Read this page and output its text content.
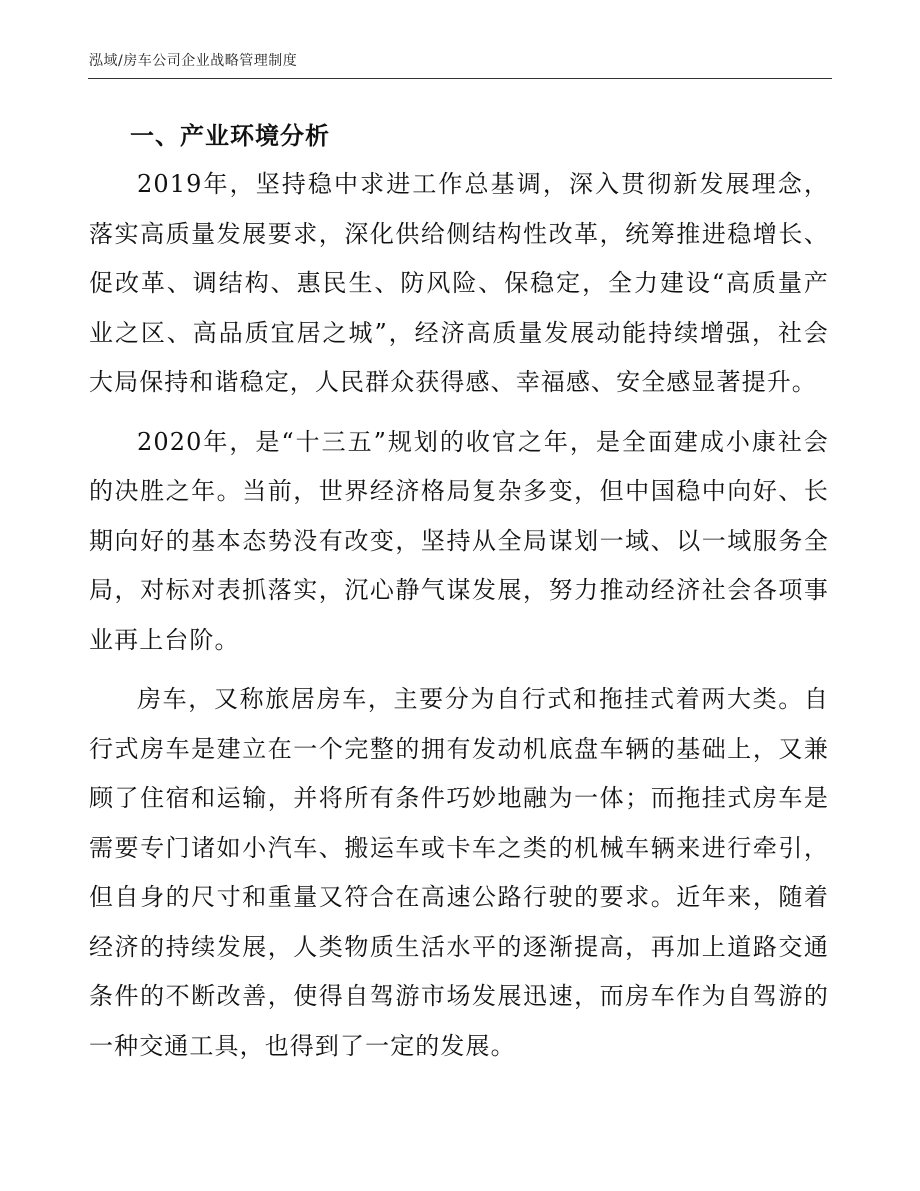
泓域/房车公司企业战略管理制度
一、产业环境分析

2019年，坚持稳中求进工作总基调，深入贯彻新发展理念，落实高质量发展要求，深化供给侧结构性改革，统筹推进稳增长、促改革、调结构、惠民生、防风险、保稳定，全力建设“高质量产业之区、高品质宜居之城”，经济高质量发展动能持续增强，社会大局保持和谐稳定，人民群众获得感、幸福感、安全感显著提升。

2020年，是“十三五”规划的收官之年，是全面建成小康社会的决胜之年。当前，世界经济格局复杂多变，但中国稳中向好、长期向好的基本态势没有改变，坚持从全局谋划一域、以一域服务全局，对标对表抓落实，沉心静气谋发展，努力推动经济社会各项事业再上台阶。

房车，又称旅居房车，主要分为自行式和拖挂式着两大类。自行式房车是建立在一个完整的拥有发动机底盘车辆的基础上，又兼顾了住宿和运输，并将所有条件巧妙地融为一体；而拖挂式房车是需要专门诸如小汽车、搬运车或卡车之类的机械车辆来进行牵引，但自身的尺寸和重量又符合在高速公路行驶的要求。近年来，随着经济的持续发展，人类物质生活水平的逐渐提高，再加上道路交通条件的不断改善，使得自驾游市场发展迅速，而房车作为自驾游的一种交通工具，也得到了一定的发展。
